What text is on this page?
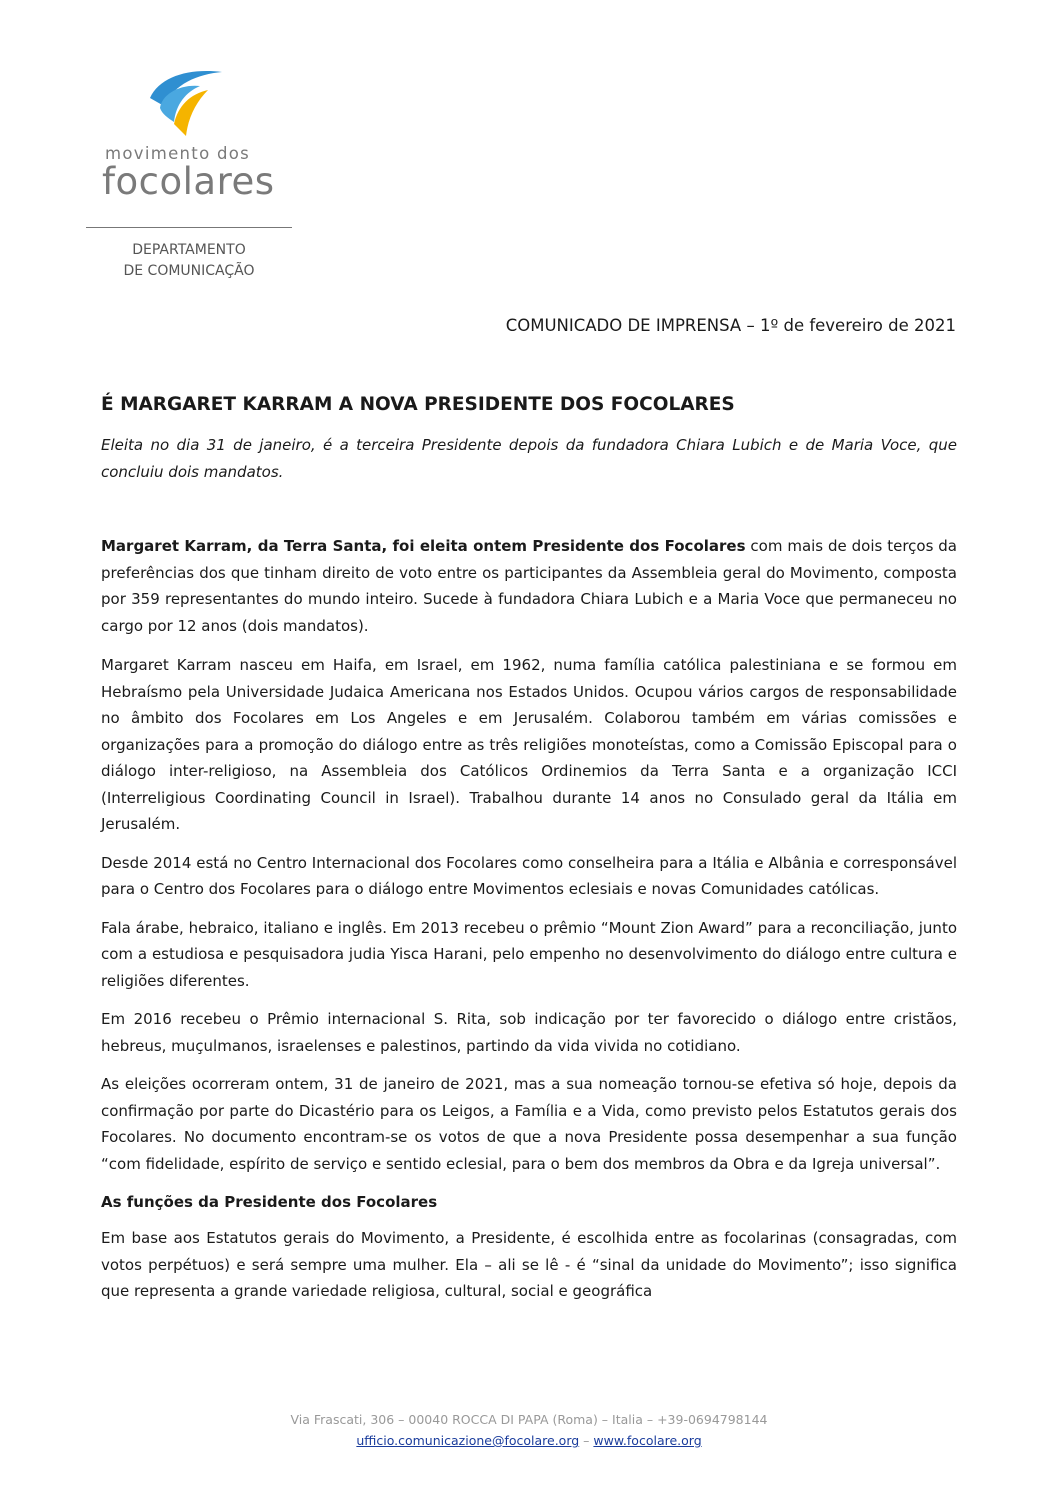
movimento dos
focolares
DEPARTAMENTO
DE COMUNICAÇÃO
COMUNICADO DE IMPRENSA – 1º de fevereiro de 2021
É MARGARET KARRAM A NOVA PRESIDENTE DOS FOCOLARES
Eleita no dia 31 de janeiro, é a terceira Presidente depois da fundadora Chiara Lubich e de Maria Voce, que concluiu dois mandatos.

Margaret Karram, da Terra Santa, foi eleita ontem Presidente dos Focolares com mais de dois terços da preferências dos que tinham direito de voto entre os participantes da Assembleia geral do Movimento, composta por 359 representantes do mundo inteiro. Sucede à fundadora Chiara Lubich e a Maria Voce que permaneceu no cargo por 12 anos (dois mandatos).

Margaret Karram nasceu em Haifa, em Israel, em 1962, numa família católica palestiniana e se formou em Hebraísmo pela Universidade Judaica Americana nos Estados Unidos. Ocupou vários cargos de responsabilidade no âmbito dos Focolares em Los Angeles e em Jerusalém. Colaborou também em várias comissões e organizações para a promoção do diálogo entre as três religiões monoteístas, como a Comissão Episcopal para o diálogo inter-religioso, na Assembleia dos Católicos Ordinemios da Terra Santa e a organização ICCI (Interreligious Coordinating Council in Israel). Trabalhou durante 14 anos no Consulado geral da Itália em Jerusalém.

Desde 2014 está no Centro Internacional dos Focolares como conselheira para a Itália e Albânia e corresponsável para o Centro dos Focolares para o diálogo entre Movimentos eclesiais e novas Comunidades católicas.

Fala árabe, hebraico, italiano e inglês. Em 2013 recebeu o prêmio “Mount Zion Award” para a reconciliação, junto com a estudiosa e pesquisadora judia Yisca Harani, pelo empenho no desenvolvimento do diálogo entre cultura e religiões diferentes.

Em 2016 recebeu o Prêmio internacional S. Rita, sob indicação por ter favorecido o diálogo entre cristãos, hebreus, muçulmanos, israelenses e palestinos, partindo da vida vivida no cotidiano.

As eleições ocorreram ontem, 31 de janeiro de 2021, mas a sua nomeação tornou-se efetiva só hoje, depois da confirmação por parte do Dicastério para os Leigos, a Família e a Vida, como previsto pelos Estatutos gerais dos Focolares. No documento encontram-se os votos de que a nova Presidente possa desempenhar a sua função “com fidelidade, espírito de serviço e sentido eclesial, para o bem dos membros da Obra e da Igreja universal”.

As funções da Presidente dos Focolares

Em base aos Estatutos gerais do Movimento, a Presidente, é escolhida entre as focolarinas (consagradas, com votos perpétuos) e será sempre uma mulher. Ela – ali se lê - é “sinal da unidade do Movimento”; isso significa que representa a grande variedade religiosa, cultural, social e geográfica

Via Frascati, 306 – 00040 ROCCA DI PAPA (Roma) – Italia – +39-0694798144
ufficio.comunicazione@focolare.org – www.focolare.org
